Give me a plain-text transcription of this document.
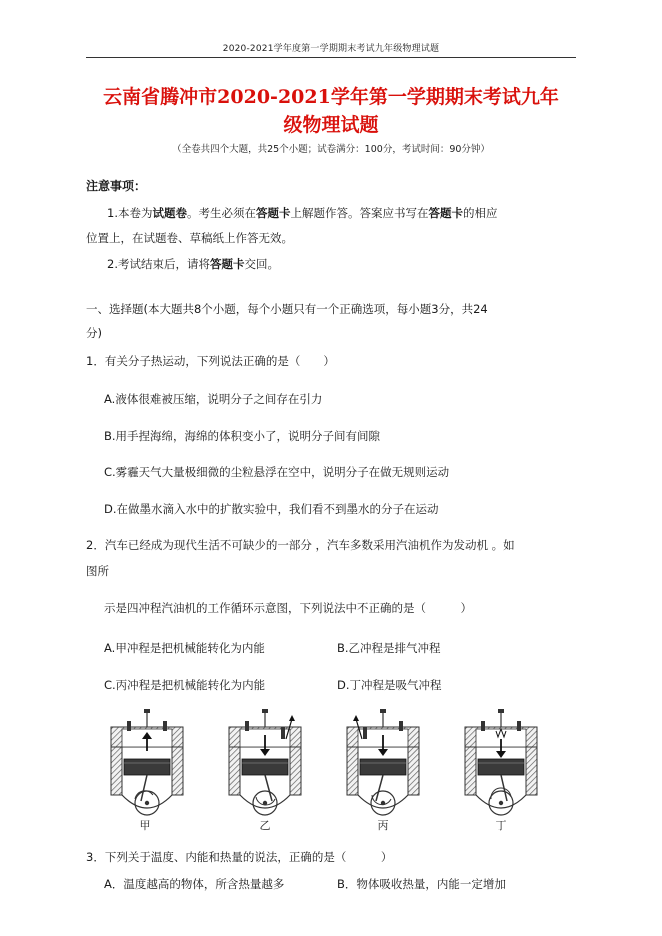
2020-2021学年度第一学期期末考试九年级物理试题
云南省腾冲市2020-2021学年第一学期期末考试九年
级物理试题
（全卷共四个大题，共25个小题；试卷满分：100分，考试时间：90分钟）
注意事项：
1.本卷为试题卷。考生必须在答题卡上解题作答。答案应书写在答题卡的相应
位置上，在试题卷、草稿纸上作答无效。
2.考试结束后，请将答题卡交回。
一、选择题(本大题共8个小题，每个小题只有一个正确选项，每小题3分，共24
分)
1．有关分子热运动，下列说法正确的是（　　）
A.液体很难被压缩，说明分子之间存在引力
B.用手捏海绵，海绵的体积变小了，说明分子间有间隙
C.雾霾天气大量极细微的尘粒悬浮在空中，说明分子在做无规则运动
D.在做墨水滴入水中的扩散实验中，我们看不到墨水的分子在运动
2．汽车已经成为现代生活不可缺少的一部分 ，汽车多数采用汽油机作为发动机 。如
图所
示是四冲程汽油机的工作循环示意图，下列说法中不正确的是（　　　）
A.甲冲程是把机械能转化为内能	B.乙冲程是排气冲程
C.丙冲程是把机械能转化为内能	D.丁冲程是吸气冲程
甲	乙	丙	丁
3．下列关于温度、内能和热量的说法，正确的是（　　　）
A．温度越高的物体，所含热量越多	B．物体吸收热量，内能一定增加
